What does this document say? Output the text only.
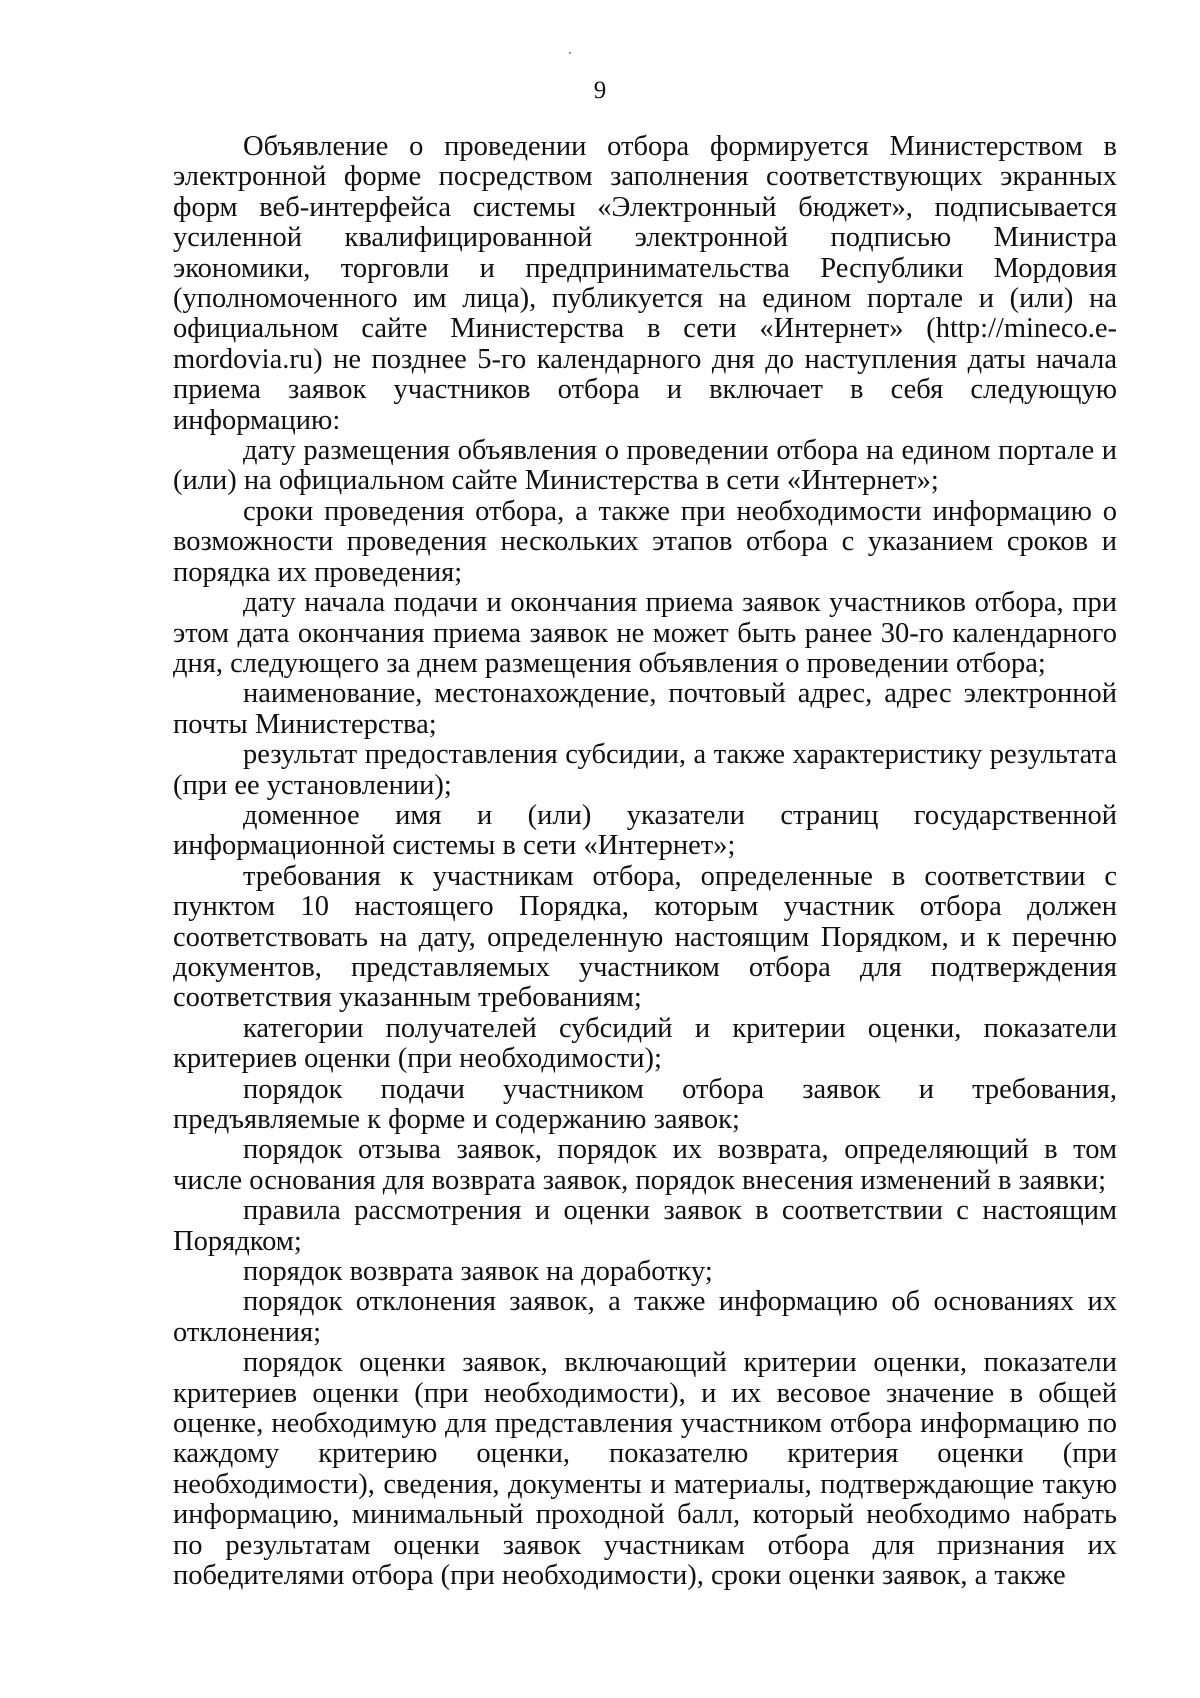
9

Объявление о проведении отбора формируется Министерством в электронной форме посредством заполнения соответствующих экранных форм веб-интерфейса системы «Электронный бюджет», подписывается усиленной квалифицированной электронной подписью Министра экономики, торговли и предпринимательства Республики Мордовия (уполномоченного им лица), публикуется на едином портале и (или) на официальном сайте Министерства в сети «Интернет» (http://mineco.e-mordovia.ru) не позднее 5-го календарного дня до наступления даты начала приема заявок участников отбора и включает в себя следующую информацию:

дату размещения объявления о проведении отбора на едином портале и (или) на официальном сайте Министерства в сети «Интернет»;

сроки проведения отбора, а также при необходимости информацию о возможности проведения нескольких этапов отбора с указанием сроков и порядка их проведения;

дату начала подачи и окончания приема заявок участников отбора, при этом дата окончания приема заявок не может быть ранее 30-го календарного дня, следующего за днем размещения объявления о проведении отбора;

наименование, местонахождение, почтовый адрес, адрес электронной почты Министерства;

результат предоставления субсидии, а также характеристику результата (при ее установлении);

доменное имя и (или) указатели страниц государственной информационной системы в сети «Интернет»;

требования к участникам отбора, определенные в соответствии с пунктом 10 настоящего Порядка, которым участник отбора должен соответствовать на дату, определенную настоящим Порядком, и к перечню документов, представляемых участником отбора для подтверждения соответствия указанным требованиям;

категории получателей субсидий и критерии оценки, показатели критериев оценки (при необходимости);

порядок подачи участником отбора заявок и требования, предъявляемые к форме и содержанию заявок;

порядок отзыва заявок, порядок их возврата, определяющий в том числе основания для возврата заявок, порядок внесения изменений в заявки;

правила рассмотрения и оценки заявок в соответствии с настоящим Порядком;

порядок возврата заявок на доработку;

порядок отклонения заявок, а также информацию об основаниях их отклонения;

порядок оценки заявок, включающий критерии оценки, показатели критериев оценки (при необходимости), и их весовое значение в общей оценке, необходимую для представления участником отбора информацию по каждому критерию оценки, показателю критерия оценки (при необходимости), сведения, документы и материалы, подтверждающие такую информацию, минимальный проходной балл, который необходимо набрать по результатам оценки заявок участникам отбора для признания их победителями отбора (при необходимости), сроки оценки заявок, а также
